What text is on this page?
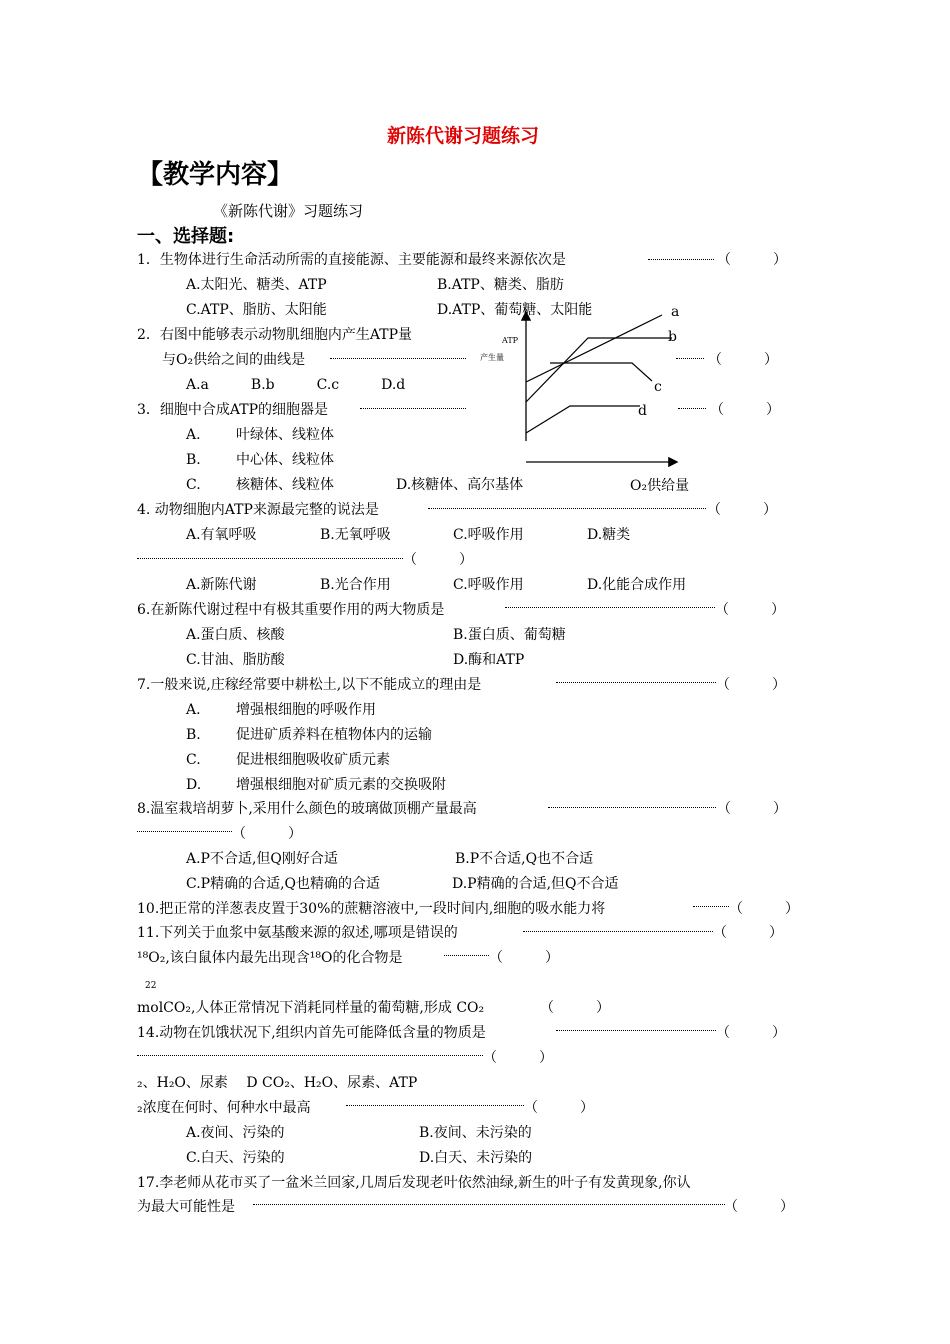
新陈代谢习题练习
【教学内容】
《新陈代谢》习题练习
一、选择题:
1．生物体进行生命活动所需的直接能源、主要能源和最终来源依次是	（　　　）
A.太阳光、糖类、ATP	B.ATP、糖类、脂肪
C.ATP、脂肪、太阳能	D.ATP、葡萄糖、太阳能
2．右图中能够表示动物肌细胞内产生ATP量
与O₂供给之间的曲线是	（　　　）
A.a　　　B.b　　　C.c　　　D.d
3．细胞中合成ATP的细胞器是	（　　　）
A.	叶绿体、线粒体
B.	中心体、线粒体
C.	核糖体、线粒体	D.核糖体、高尔基体
ATP
产生量
a
b
c
d
O₂供给量
4. 动物细胞内ATP来源最完整的说法是	（　　　）
A.有氧呼吸	B.无氧呼吸	C.呼吸作用	D.糖类
（　　　）
A.新陈代谢	B.光合作用	C.呼吸作用	D.化能合成作用
6.在新陈代谢过程中有极其重要作用的两大物质是	（　　　）
A.蛋白质、核酸	B.蛋白质、葡萄糖
C.甘油、脂肪酸	D.酶和ATP
7.一般来说,庄稼经常要中耕松土,以下不能成立的理由是	（　　　）
A.	增强根细胞的呼吸作用
B.	促进矿质养料在植物体内的运输
C.	促进根细胞吸收矿质元素
D. 增强根细胞对矿质元素的交换吸附
8.温室栽培胡萝卜,采用什么颜色的玻璃做顶棚产量最高	（　　　）
（　　　）
A.P不合适,但Q刚好合适	B.P不合适,Q也不合适
C.P精确的合适,Q也精确的合适	D.P精确的合适,但Q不合适
10.把正常的洋葱表皮置于30%的蔗糖溶液中,一段时间内,细胞的吸水能力将	（　　　）
11.下列关于血浆中氨基酸来源的叙述,哪项是错误的	（　　　）
¹⁸O₂,该白鼠体内最先出现含¹⁸O的化合物是	（　　　）
22
molCO₂,人体正常情况下消耗同样量的葡萄糖,形成 CO₂	（　　　）
14.动物在饥饿状况下,组织内首先可能降低含量的物质是	（　　　）
（　　　）
₂、H₂O、尿素　 D CO₂、H₂O、尿素、ATP
₂浓度在何时、何种水中最高	（　　　）
A.夜间、污染的	B.夜间、未污染的
C.白天、污染的	D.白天、未污染的
17.李老师从花市买了一盆米兰回家,几周后发现老叶依然油绿,新生的叶子有发黄现象,你认
为最大可能性是	（　　　）
